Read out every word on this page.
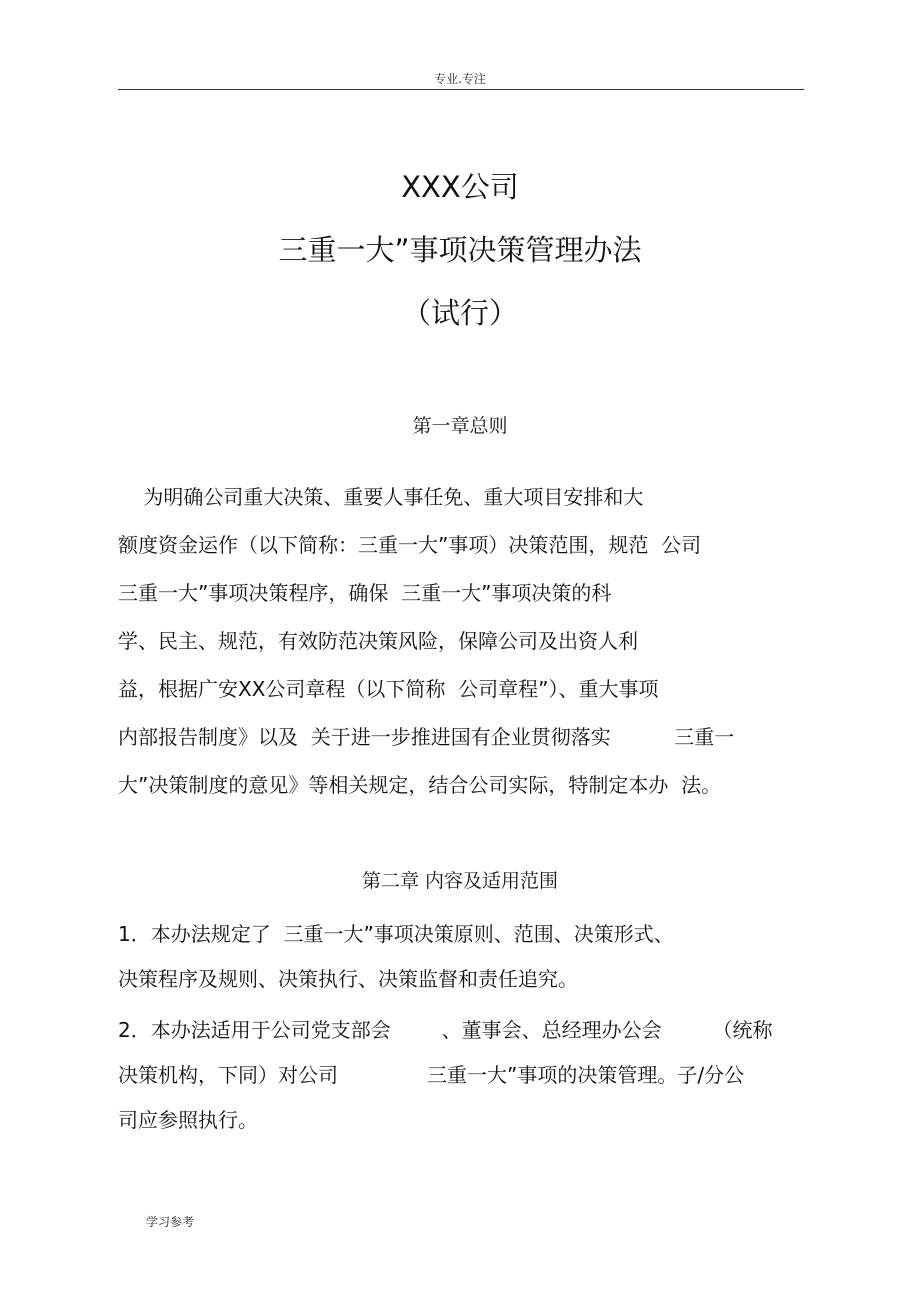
专业.专注
XXX公司
三重一大”事项决策管理办法
（试行）
第一章总则
为明确公司重大决策、重要人事任免、重大项目安排和大
额度资金运作（以下简称：三重一大”事项）决策范围，规范  公司
三重一大”事项决策程序，确保  三重一大”事项决策的科
学、民主、规范，有效防范决策风险，保障公司及出资人利
益，根据广安XX公司章程（以下简称  公司章程”）、重大事项
内部报告制度》以及  关于进一步推进国有企业贯彻落实          三重一
大”决策制度的意见》等相关规定，结合公司实际，特制定本办  法。
第二章 内容及适用范围
1．本办法规定了  三重一大”事项决策原则、范围、决策形式、
决策程序及规则、决策执行、决策监督和责任追究。
2．本办法适用于公司党支部会        、董事会、总经理办公会        （统称
决策机构，下同）对公司              三重一大”事项的决策管理。子/分公
司应参照执行。
学习参考
